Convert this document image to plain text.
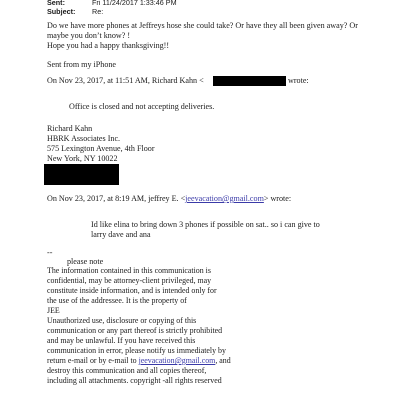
Sent:	Fri 11/24/2017 1:33:46 PM
Subject: Re:
Do we have more phones at Jeffreys hose she could take? Or have they all been given away? Or
maybe you don’t know? !
Hope you had a happy thanksgiving!!
Sent from my iPhone
On Nov 23, 2017, at 11:51 AM, Richard Kahn <	wrote:
Office is closed and not accepting deliveries.
Richard Kahn
HBRK Associates Inc.
575 Lexington Avenue, 4th Floor
New York, NY 10022
On Nov 23, 2017, at 8:19 AM, jeffrey E. <jeevacation@gmail.com> wrote:
Id like elina to bring down 3 phones if possible on sat.. so i can give to
larry dave and ana
--
please note
The information contained in this communication is
confidential, may be attorney-client privileged, may
constitute inside information, and is intended only for
the use of the addressee. It is the property of
JEE
Unauthorized use, disclosure or copying of this
communication or any part thereof is strictly prohibited
and may be unlawful. If you have received this
communication in error, please notify us immediately by
return e-mail or by e-mail to jeevacation@gmail.com, and
destroy this communication and all copies thereof,
including all attachments. copyright -all rights reserved
